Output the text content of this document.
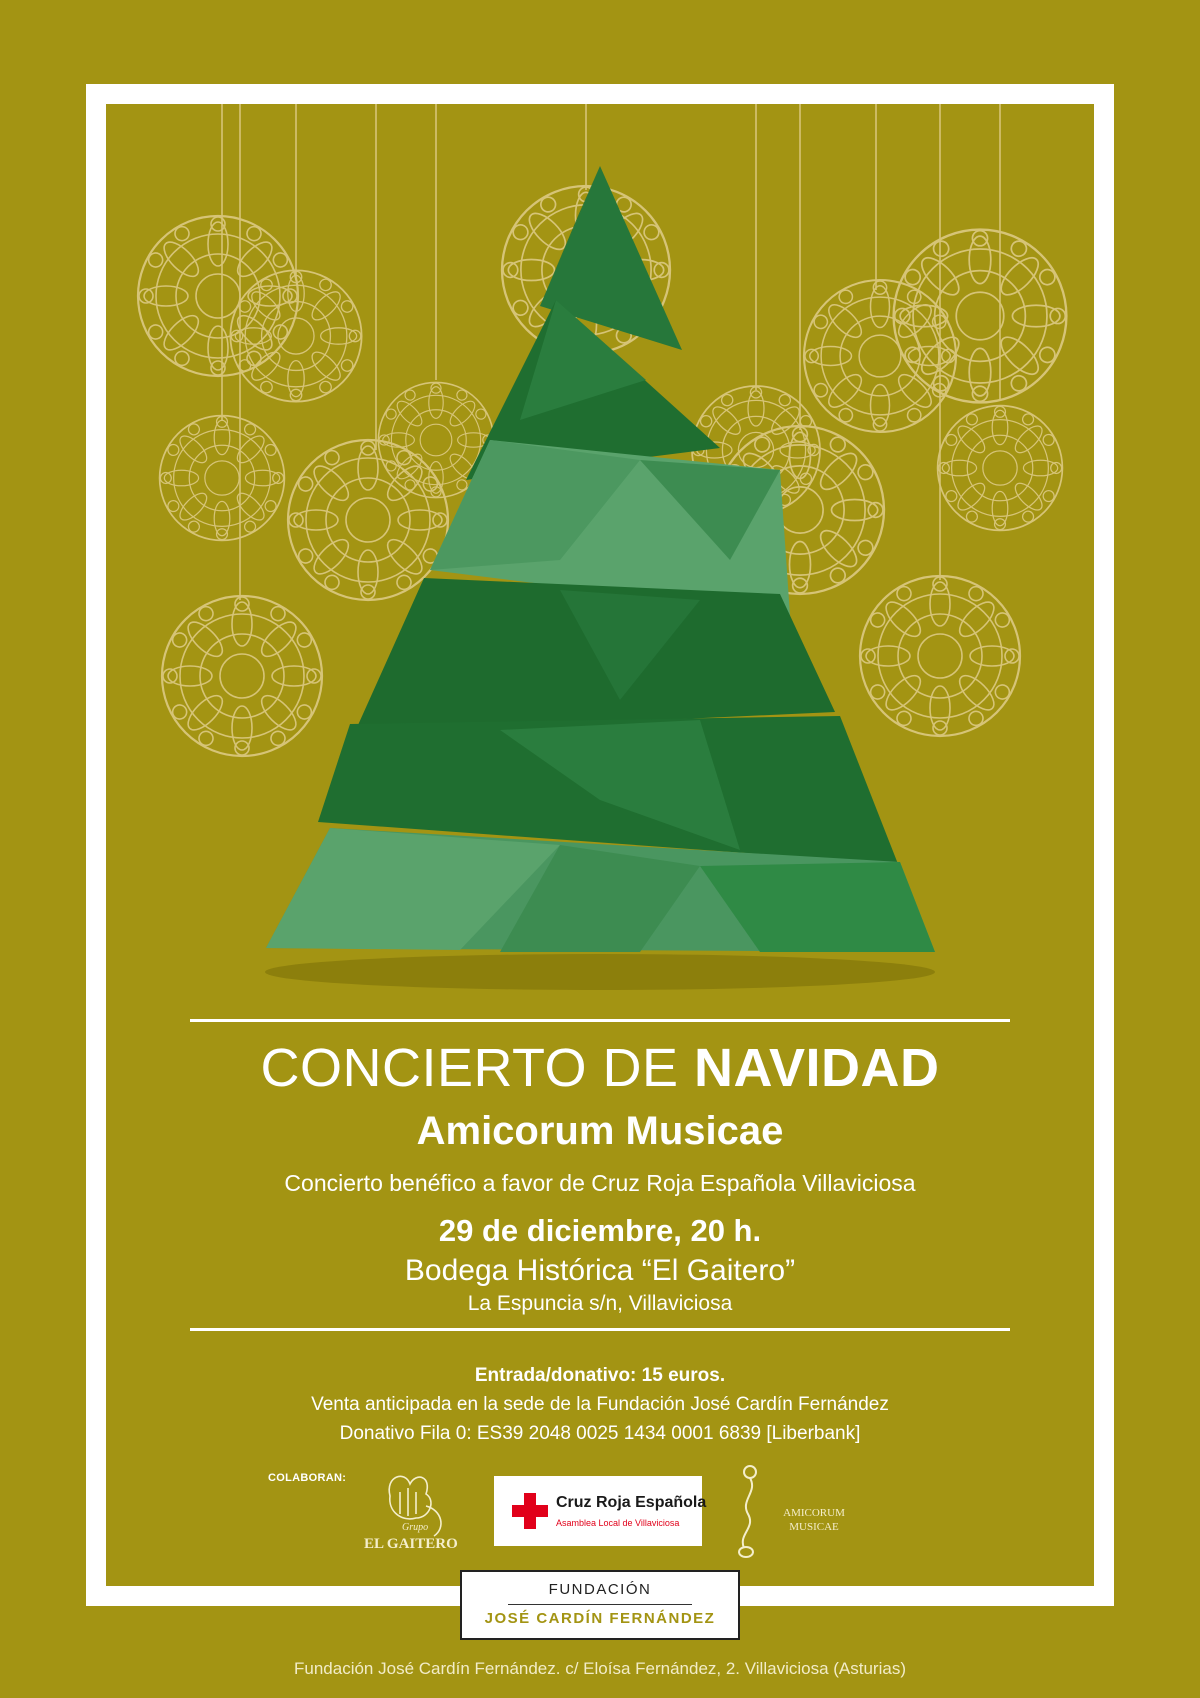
CONCIERTO DE NAVIDAD
Amicorum Musicae
Concierto benéfico a favor de Cruz Roja Española Villaviciosa
29 de diciembre, 20 h.
Bodega Histórica “El Gaitero”
La Espuncia s/n, Villaviciosa
Entrada/donativo: 15 euros.
Venta anticipada en la sede de la Fundación José Cardín Fernández
Donativo Fila 0: ES39 2048 0025 1434 0001 6839 [Liberbank]
COLABORAN:
Grupo
EL GAITERO
Cruz Roja Española
Asamblea Local de Villaviciosa
AMICORUM
MUSICAE
FUNDACIÓN
JOSÉ CARDÍN FERNÁNDEZ
Fundación José Cardín Fernández. c/ Eloísa Fernández, 2. Villaviciosa (Asturias)
